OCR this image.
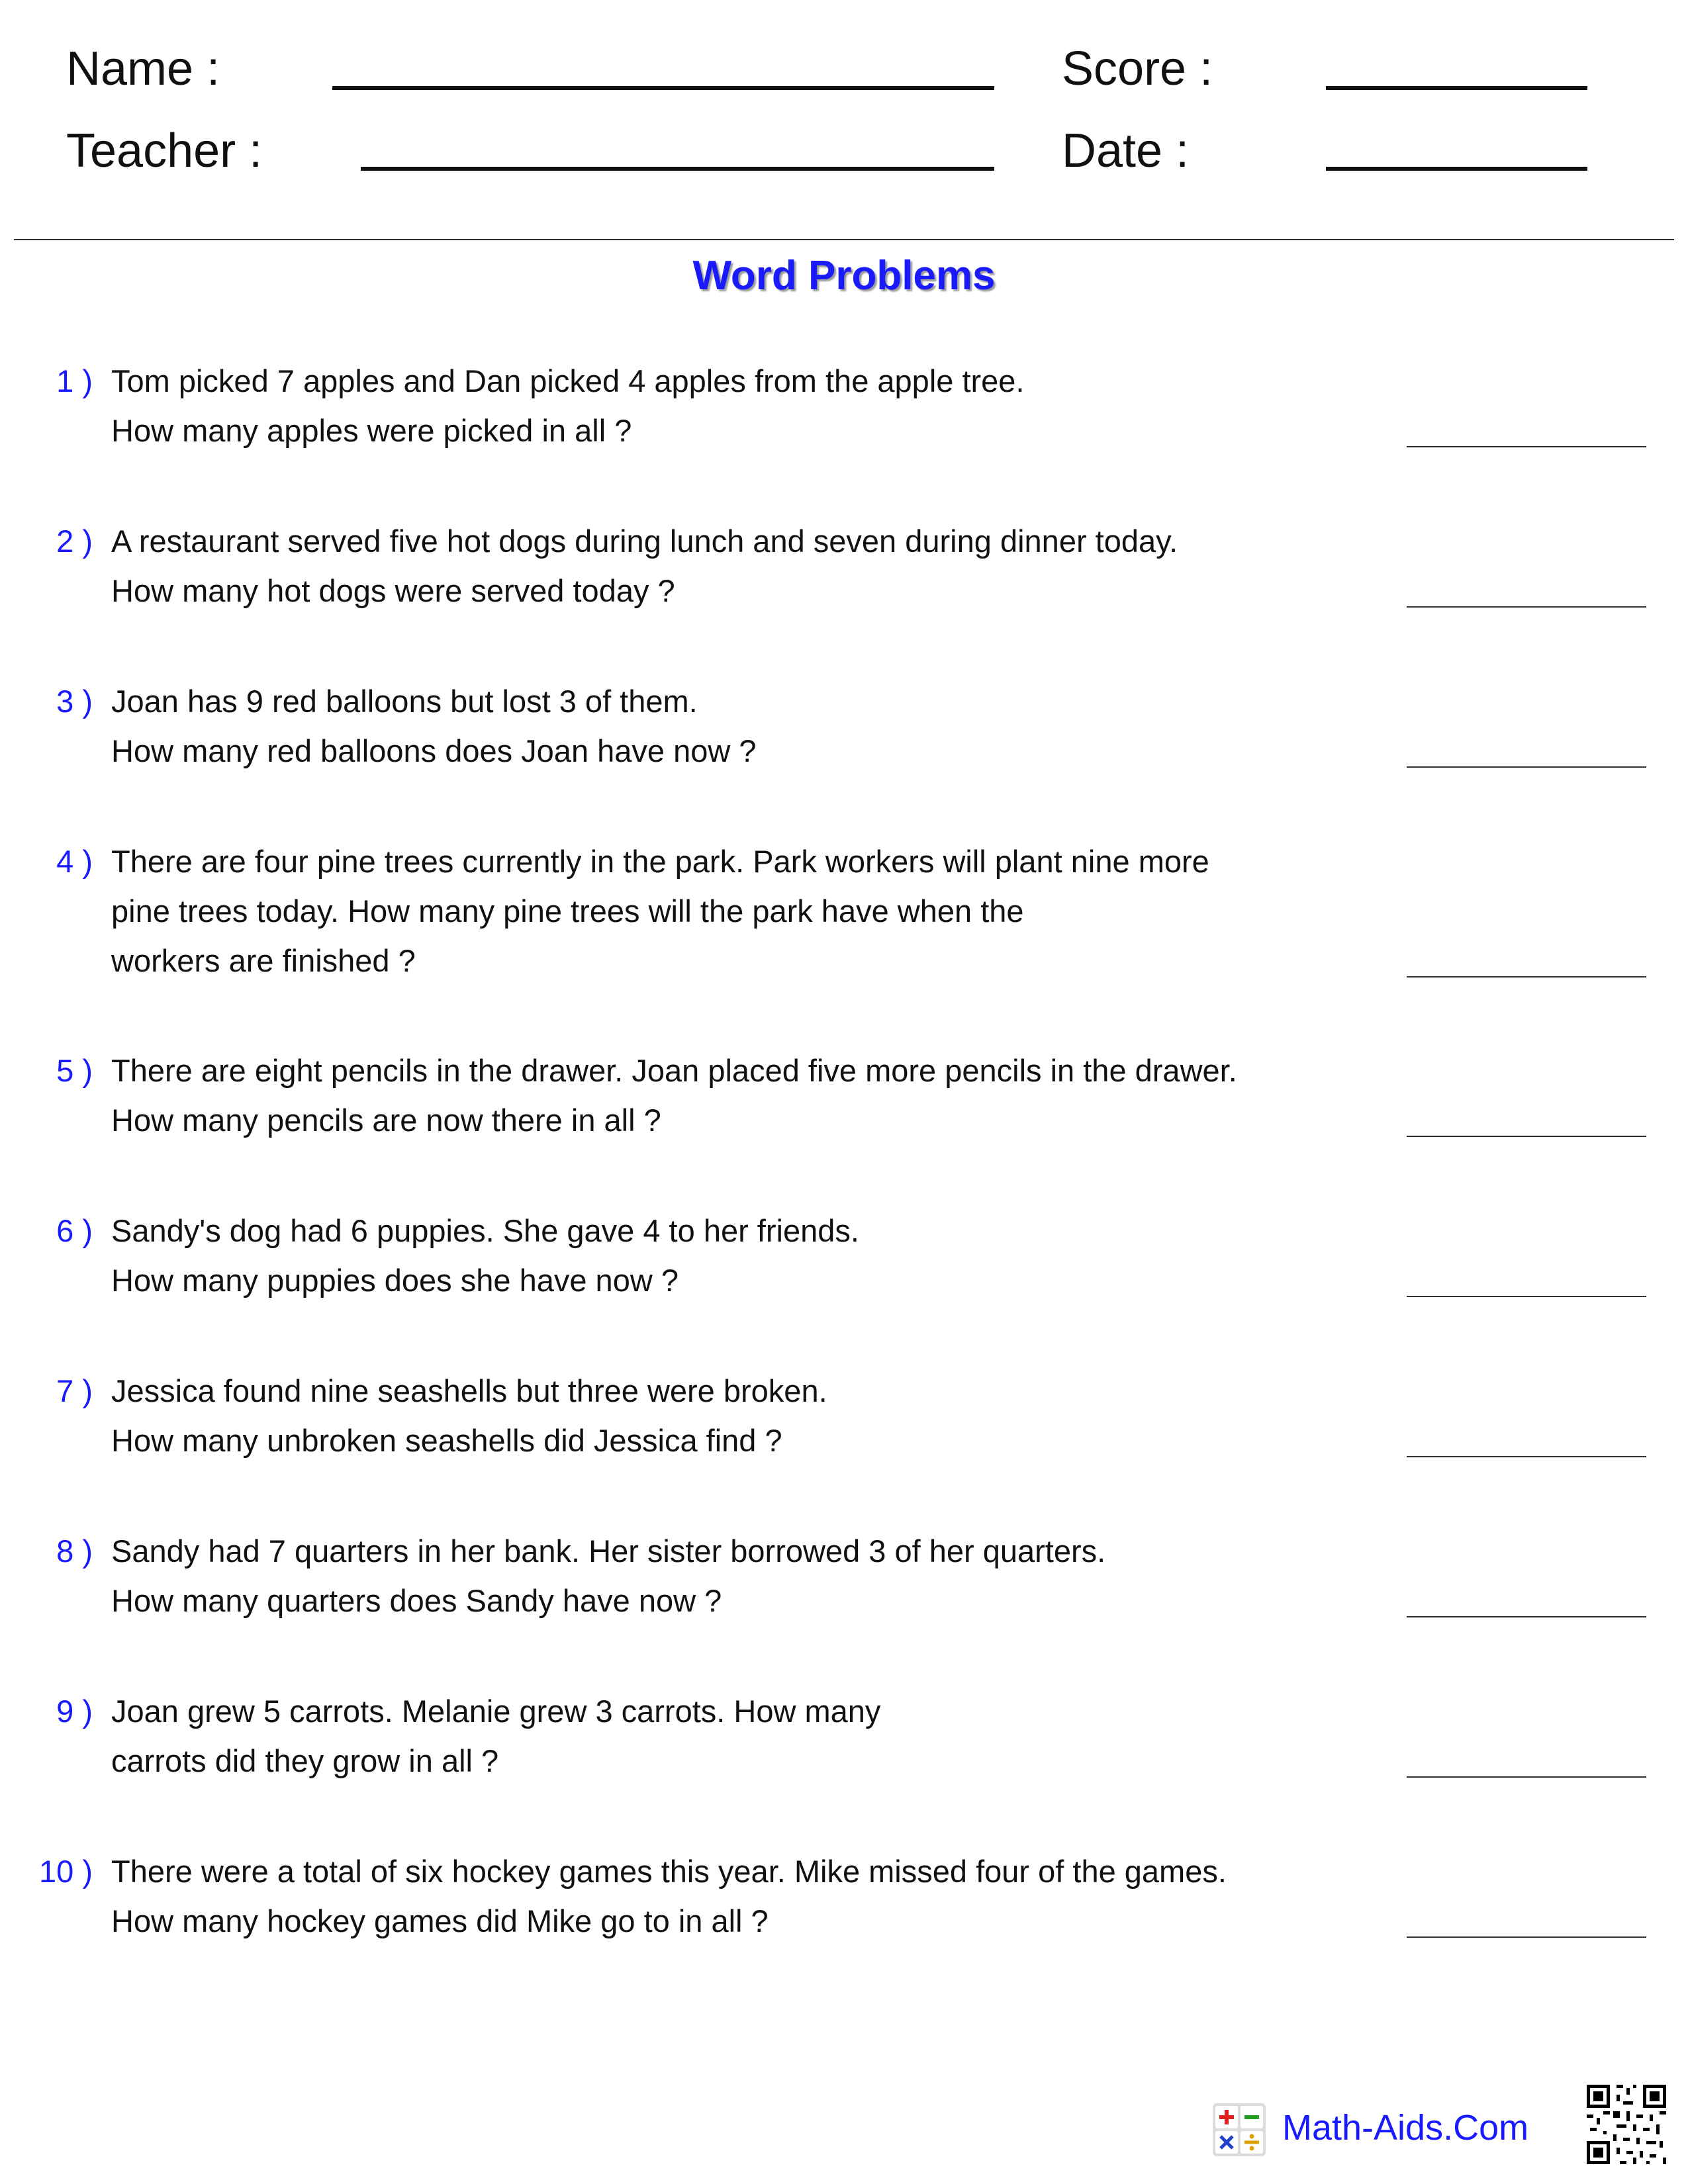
Name :
Teacher :
Score :
Date :
Word Problems
1 ) Tom picked 7 apples and Dan picked 4 apples from the apple tree.
How many apples were picked in all ?
2 ) A restaurant served five hot dogs during lunch and seven during dinner today.
How many hot dogs were served today ?
3 ) Joan has 9 red balloons but lost 3 of them.
How many red balloons does Joan have now ?
4 ) There are four pine trees currently in the park. Park workers will plant nine more
pine trees today. How many pine trees will the park have when the
workers are finished ?
5 ) There are eight pencils in the drawer. Joan placed five more pencils in the drawer.
How many pencils are now there in all ?
6 ) Sandy's dog had 6 puppies. She gave 4 to her friends.
How many puppies does she have now ?
7 ) Jessica found nine seashells but three were broken.
How many unbroken seashells did Jessica find ?
8 ) Sandy had 7 quarters in her bank. Her sister borrowed 3 of her quarters.
How many quarters does Sandy have now ?
9 ) Joan grew 5 carrots. Melanie grew 3 carrots. How many
carrots did they grow in all ?
10 ) There were a total of six hockey games this year. Mike missed four of the games.
How many hockey games did Mike go to in all ?
Math-Aids.Com
